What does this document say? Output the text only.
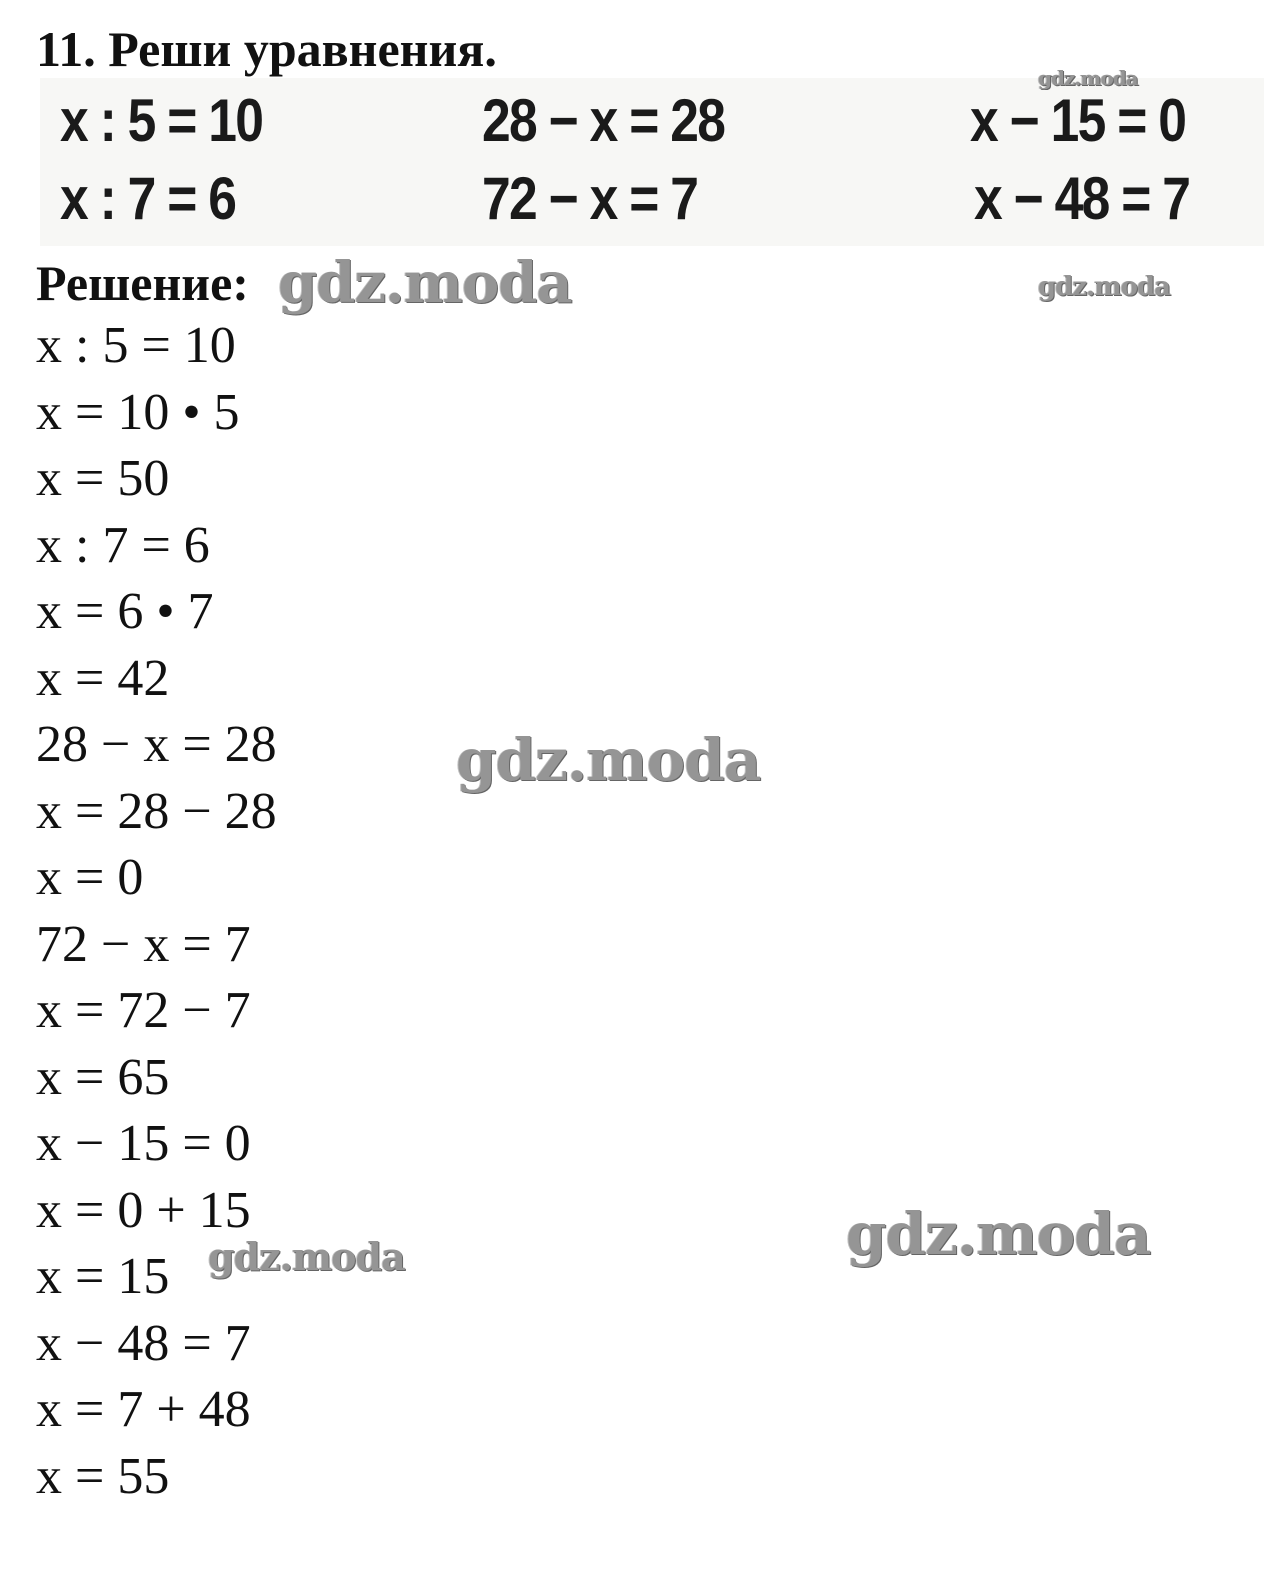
11. Реши уравнения.
x : 5 = 10	28 − x = 28	x − 15 = 0
x : 7 = 6	72 − x = 7	x − 48 = 7
Решение:
x : 5 = 10
x = 10 • 5
x = 50
x : 7 = 6
x = 6 • 7
x = 42
28 − x = 28
x = 28 − 28
x = 0
72 − x = 7
x = 72 − 7
x = 65
x − 15 = 0
x = 0 + 15
x = 15
x − 48 = 7
x = 7 + 48
x = 55
gdz.moda
gdz.moda	gdz.moda
gdz.moda
gdz.moda	gdz.moda
